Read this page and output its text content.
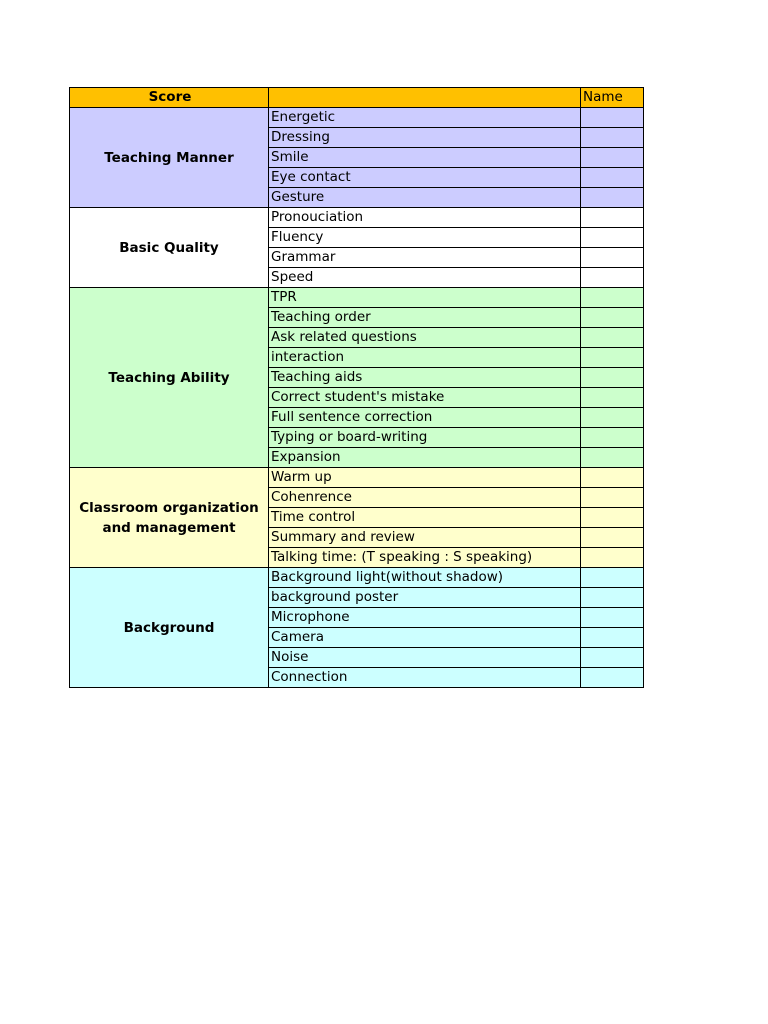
Score		Name
Teaching Manner	Energetic	
	Dressing	
	Smile	
	Eye contact	
	Gesture	
Basic Quality	Pronouciation	
	Fluency	
	Grammar	
	Speed	
Teaching Ability	TPR	
	Teaching order	
	Ask related questions	
	interaction	
	Teaching aids	
	Correct student's mistake	
	Full sentence correction	
	Typing or board-writing	
	Expansion	
Classroom organization and management	Warm up	
	Cohenrence	
	Time control	
	Summary and review	
	Talking time: (T speaking : S speaking)	
Background	Background light(without shadow)	
	background poster	
	Microphone	
	Camera	
	Noise	
	Connection	
